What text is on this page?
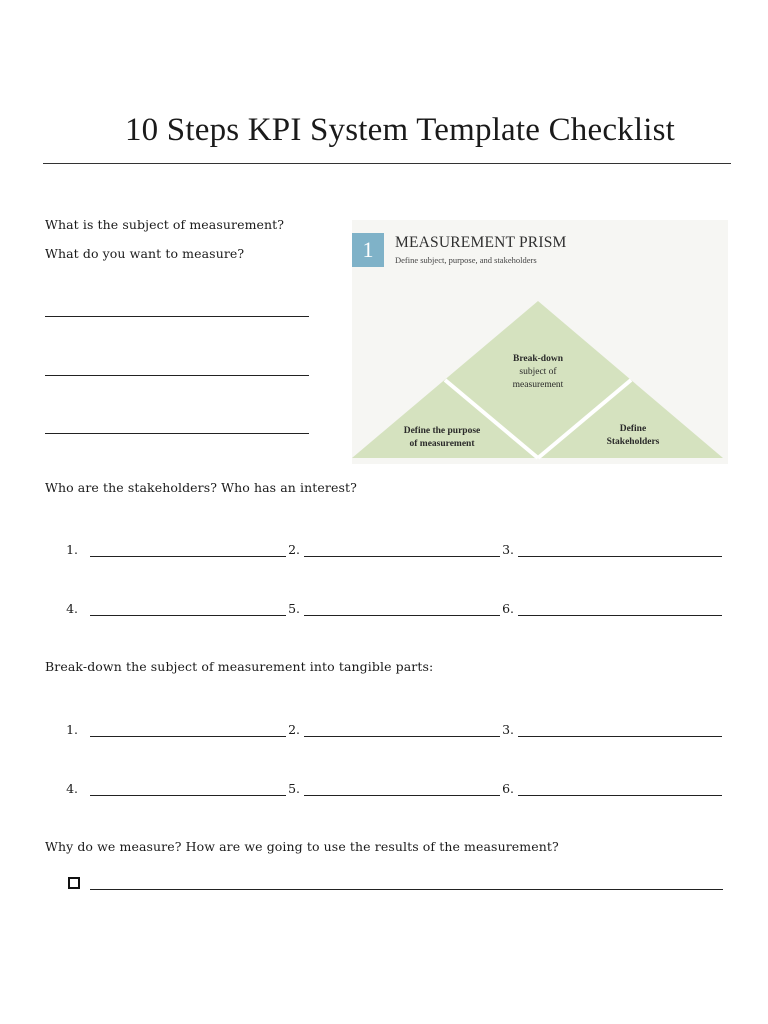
10 Steps KPI System Template Checklist
What is the subject of measurement?
What do you want to measure?	1	MEASUREMENT PRISM
Define subject, purpose, and stakeholders
Break-down
subject of
measurement
Define the purpose
of measurement
Define
Stakeholders
Who are the stakeholders? Who has an interest?
1.	2.	3.
4.	5.	6.
Break-down the subject of measurement into tangible parts:
1.	2.	3.
4.	5.	6.
Why do we measure? How are we going to use the results of the measurement?
